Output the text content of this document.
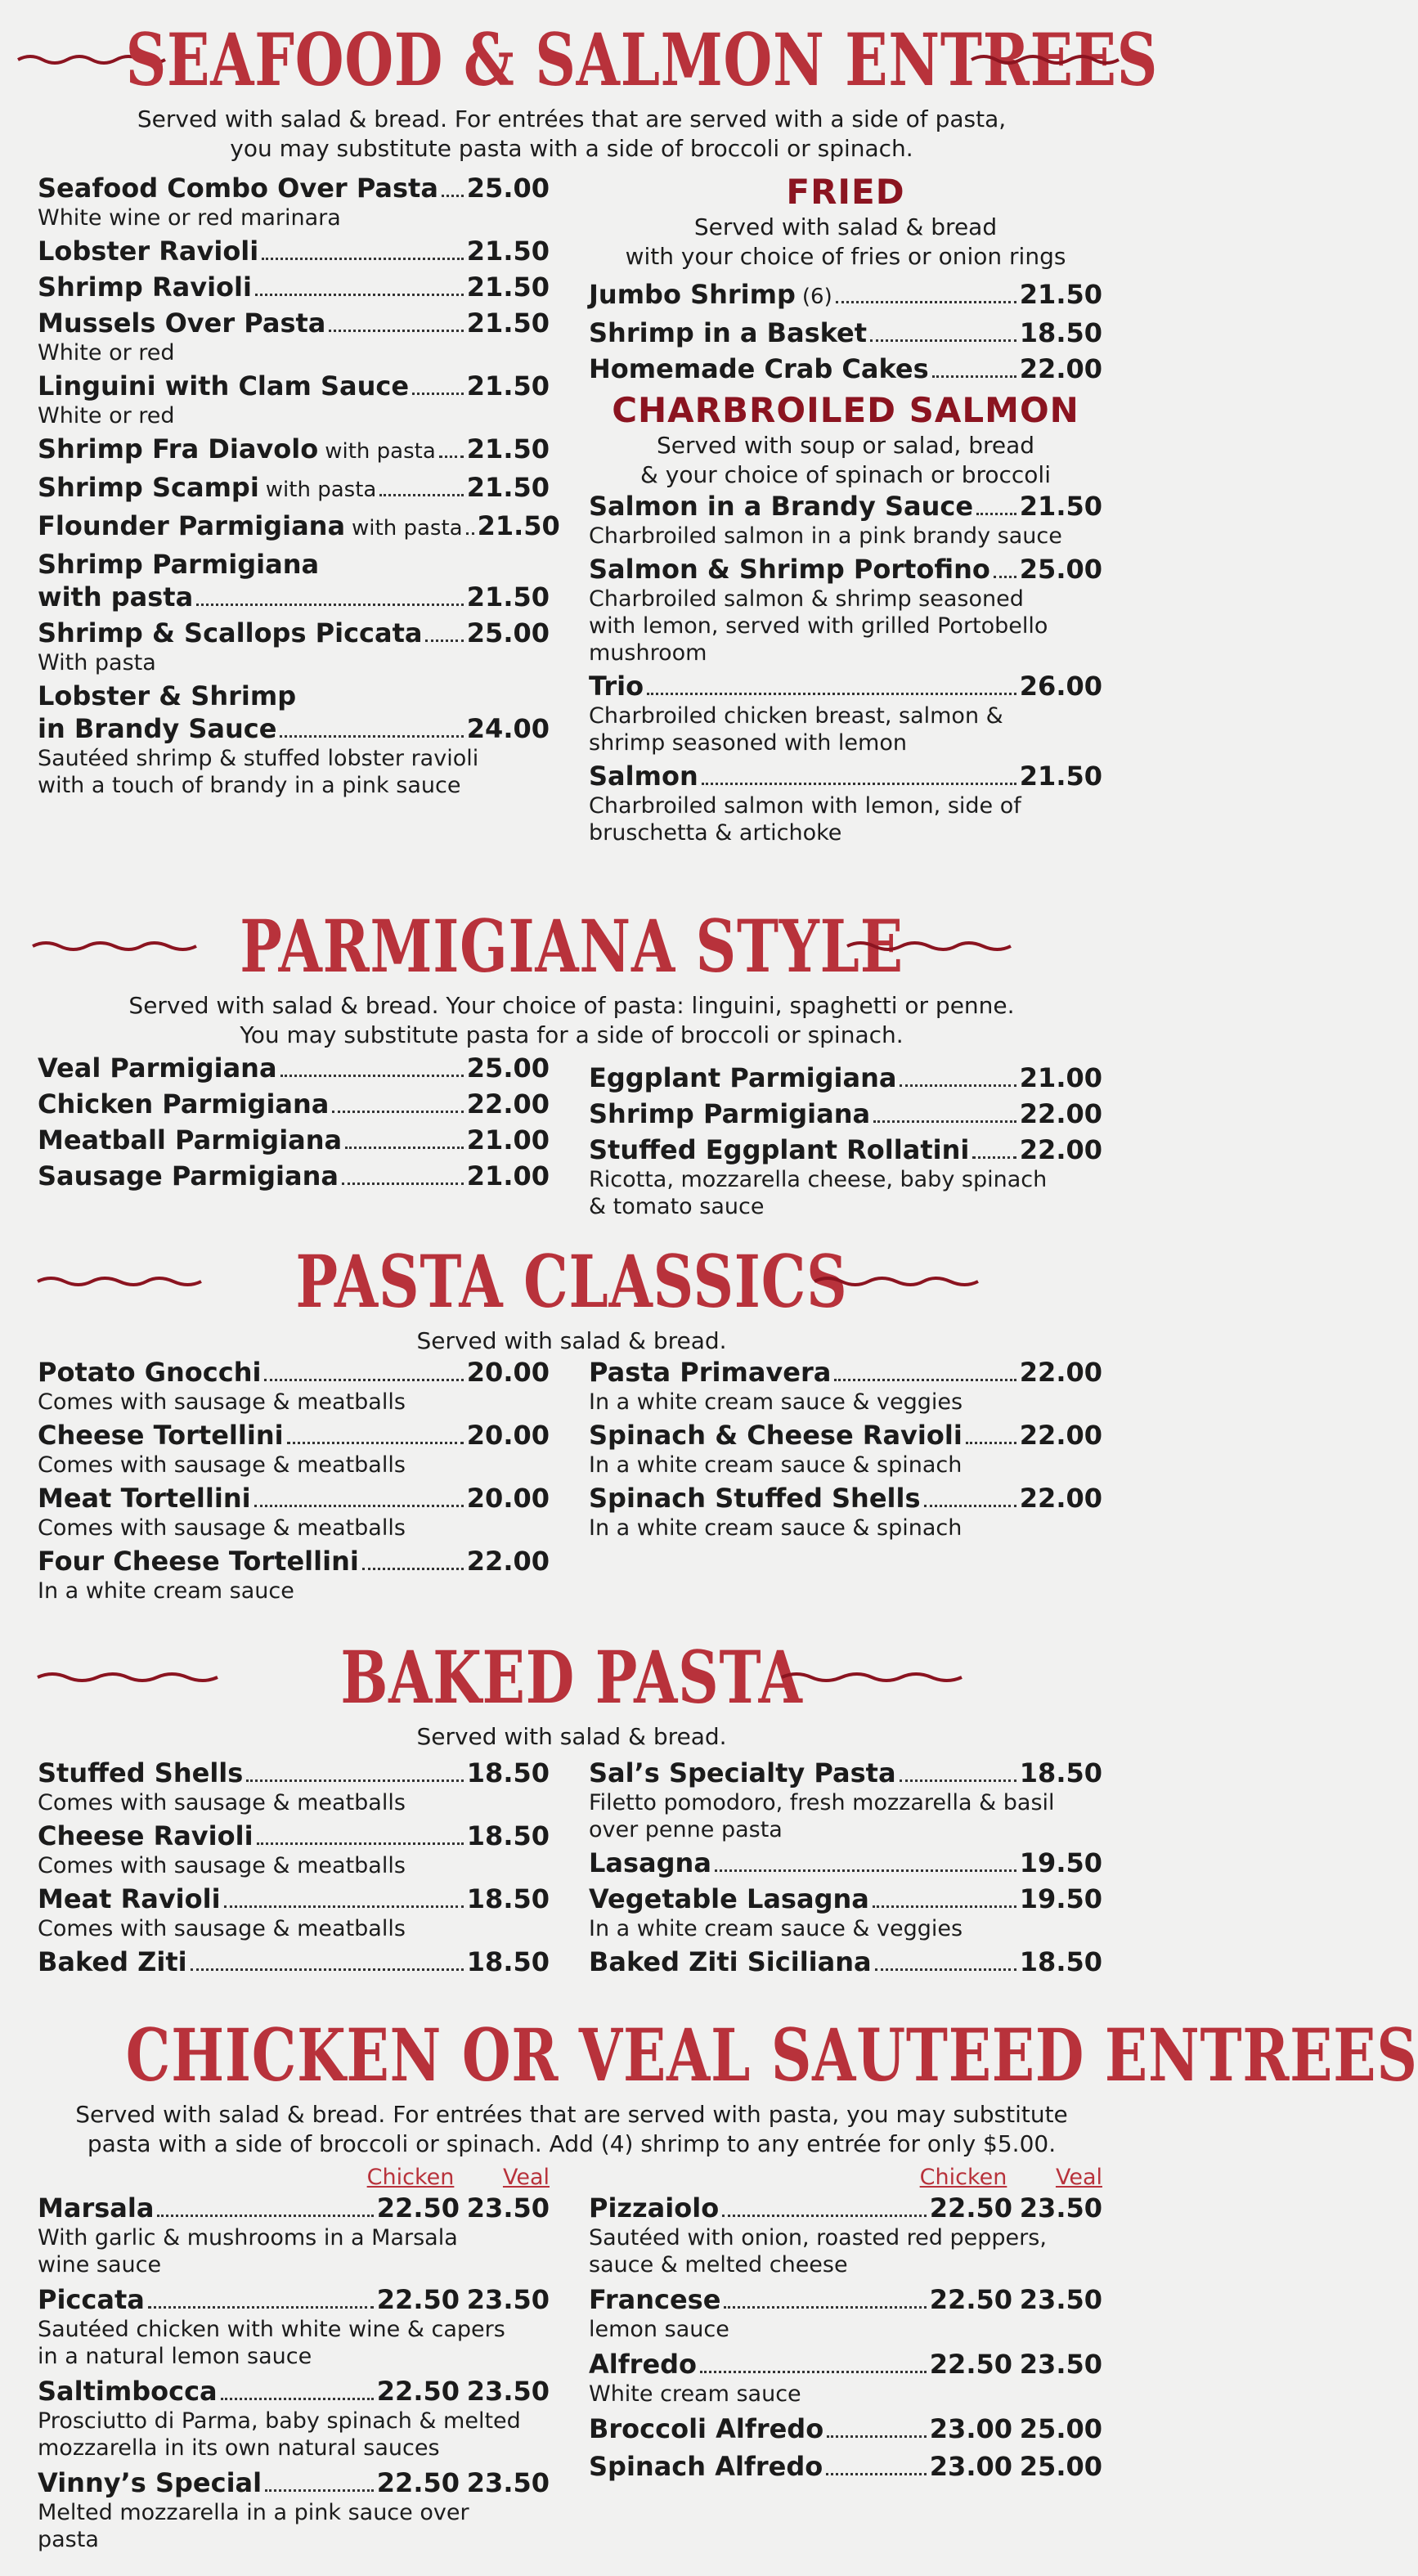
SEAFOOD & SALMON ENTREES
Served with salad & bread. For entrées that are served with a side of pasta,
you may substitute pasta with a side of broccoli or spinach.
Seafood Combo Over Pasta 25.00
White wine or red marinara
Lobster Ravioli	21.50
Shrimp Ravioli	21.50
Mussels Over Pasta	21.50
White or red
Linguini with Clam Sauce 21.50
White or red
Shrimp Fra Diavolo with pasta 21.50
Shrimp Scampi with pasta	21.50
Flounder Parmigiana with pasta 21.50
Shrimp Parmigiana
with pasta	21.50
Shrimp & Scallops Piccata 25.00
With pasta
Lobster & Shrimp
in Brandy Sauce	24.00
Sautéed shrimp & stuffed lobster ravioli
with a touch of brandy in a pink sauce
FRIED
Served with salad & bread
with your choice of fries or onion rings
Jumbo Shrimp (6)	21.50
Shrimp in a Basket	18.50
Homemade Crab Cakes	22.00
CHARBROILED SALMON
Served with soup or salad, bread
& your choice of spinach or broccoli
Salmon in a Brandy Sauce 21.50
Charbroiled salmon in a pink brandy sauce
Salmon & Shrimp Portofino 25.00
Charbroiled salmon & shrimp seasoned
with lemon, served with grilled Portobello
mushroom
Trio	26.00
Charbroiled chicken breast, salmon &
shrimp seasoned with lemon
Salmon	21.50
Charbroiled salmon with lemon, side of
bruschetta & artichoke
PARMIGIANA STYLE
Served with salad & bread. Your choice of pasta: linguini, spaghetti or penne.
You may substitute pasta for a side of broccoli or spinach.
Veal Parmigiana	25.00
Chicken Parmigiana	22.00
Meatball Parmigiana	21.00
Sausage Parmigiana	21.00
Eggplant Parmigiana	21.00
Shrimp Parmigiana	22.00
Stuffed Eggplant Rollatini 22.00
Ricotta, mozzarella cheese, baby spinach
& tomato sauce
PASTA CLASSICS
Served with salad & bread.
Potato Gnocchi	20.00
Comes with sausage & meatballs
Cheese Tortellini	20.00
Comes with sausage & meatballs
Meat Tortellini	20.00
Comes with sausage & meatballs
Four Cheese Tortellini	22.00
In a white cream sauce
Pasta Primavera	22.00
In a white cream sauce & veggies
Spinach & Cheese Ravioli 22.00
In a white cream sauce & spinach
Spinach Stuffed Shells	22.00
In a white cream sauce & spinach
BAKED PASTA
Served with salad & bread.
Stuffed Shells	18.50
Comes with sausage & meatballs
Cheese Ravioli	18.50
Comes with sausage & meatballs
Meat Ravioli	18.50
Comes with sausage & meatballs
Baked Ziti	18.50
Sal’s Specialty Pasta	18.50
Filetto pomodoro, fresh mozzarella & basil
over penne pasta
Lasagna	19.50
Vegetable Lasagna	19.50
In a white cream sauce & veggies
Baked Ziti Siciliana	18.50
CHICKEN OR VEAL SAUTEED ENTREES
Served with salad & bread. For entrées that are served with pasta, you may substitute
pasta with a side of broccoli or spinach. Add (4) shrimp to any entrée for only $5.00.
Chicken	Veal
Marsala	22.50 23.50
With garlic & mushrooms in a Marsala
wine sauce
Piccata	22.50 23.50
Sautéed chicken with white wine & capers
in a natural lemon sauce
Saltimbocca	22.50 23.50
Prosciutto di Parma, baby spinach & melted
mozzarella in its own natural sauces
Vinny’s Special	22.50 23.50
Melted mozzarella in a pink sauce over
pasta
Chicken	Veal
Pizzaiolo	22.50 23.50
Sautéed with onion, roasted red peppers,
sauce & melted cheese
Francese	22.50 23.50
lemon sauce
Alfredo	22.50 23.50
White cream sauce
Broccoli Alfredo	23.00 25.00
Spinach Alfredo	23.00 25.00
